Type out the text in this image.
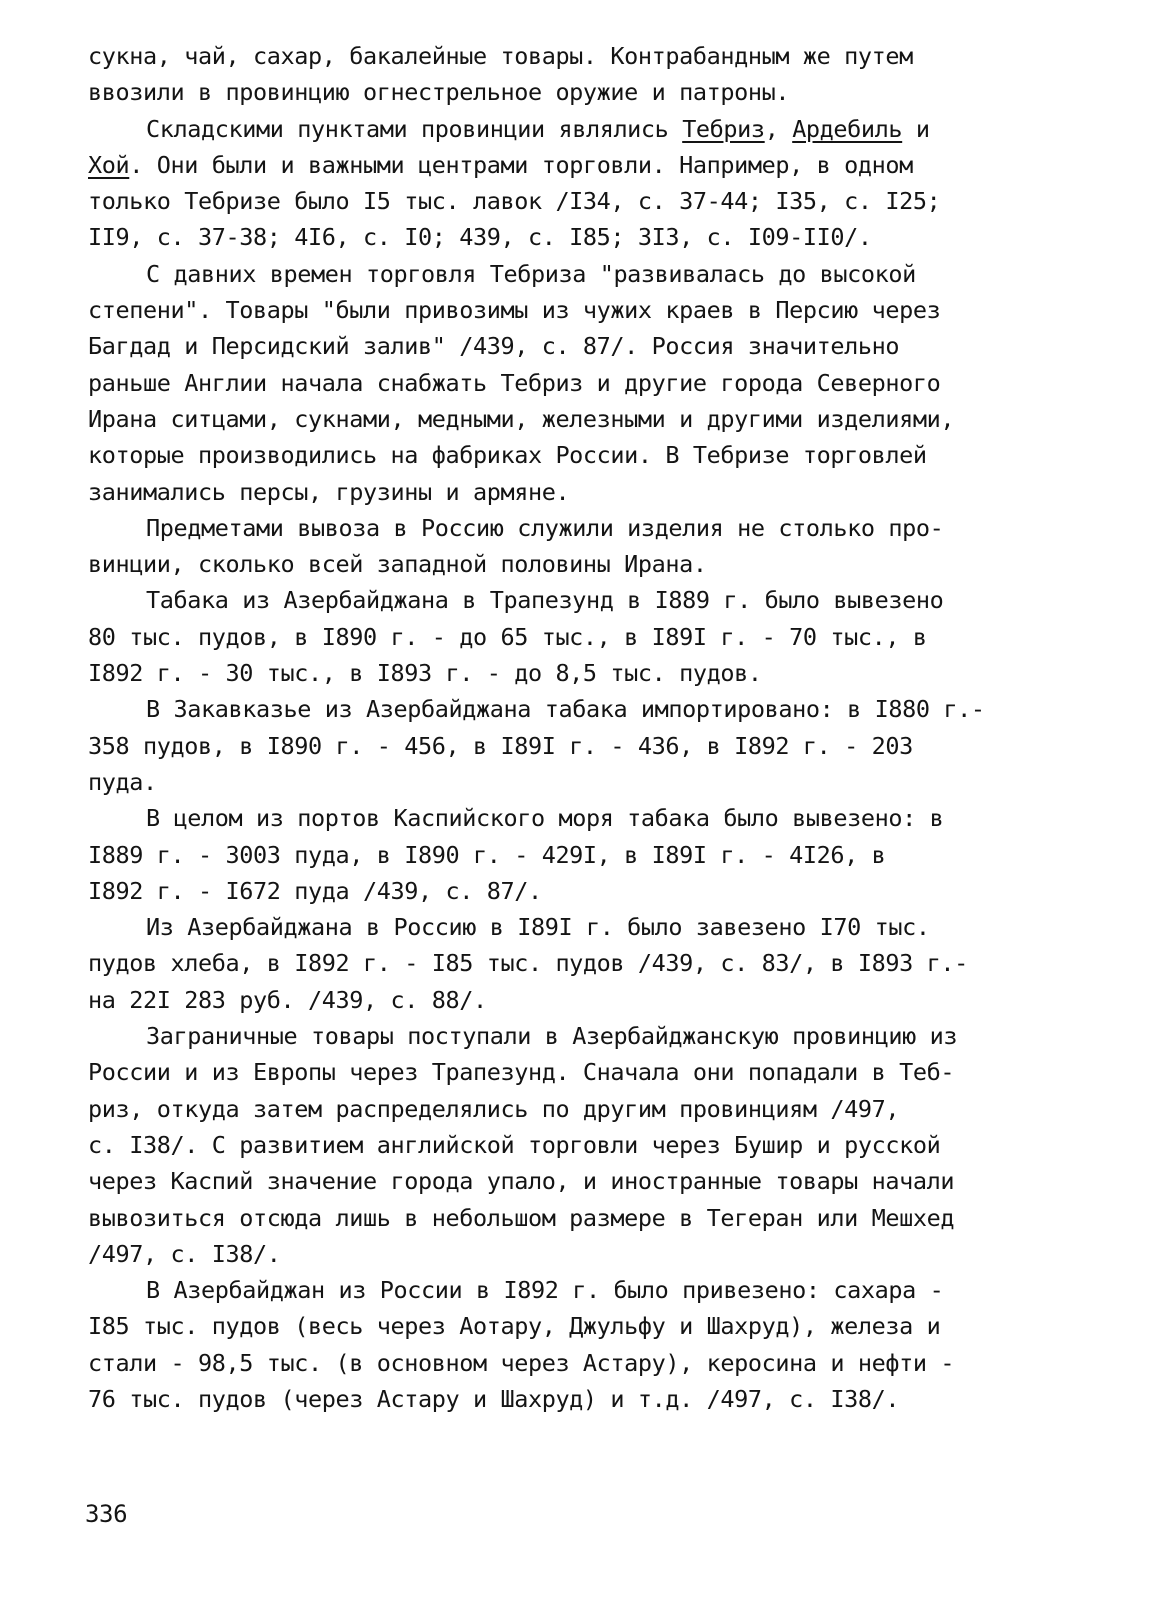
сукна, чай, сахар, бакалейные товары. Контрабандным же путем
ввозили в провинцию огнестрельное оружие и патроны.
Складскими пунктами провинции являлись Тебриз, Ардебиль и
Хой. Они были и важными центрами торговли. Например, в одном
только Тебризе было I5 тыс. лавок /I34, с. 37-44; I35, с. I25;
II9, с. 37-38; 4I6, с. I0; 439, с. I85; 3I3, с. I09-II0/.
С давних времен торговля Тебриза "развивалась до высокой
степени". Товары "были привозимы из чужих краев в Персию через
Багдад и Персидский залив" /439, с. 87/. Россия значительно
раньше Англии начала снабжать Тебриз и другие города Северного
Ирана ситцами, сукнами, медными, железными и другими изделиями,
которые производились на фабриках России. В Тебризе торговлей
занимались персы, грузины и армяне.
Предметами вывоза в Россию служили изделия не столько про-
винции, сколько всей западной половины Ирана.
Табака из Азербайджана в Трапезунд в I889 г. было вывезено
80 тыс. пудов, в I890 г. - до 65 тыс., в I89I г. - 70 тыс., в
I892 г. - 30 тыс., в I893 г. - до 8,5 тыс. пудов.
В Закавказье из Азербайджана табака импортировано: в I880 г.-
358 пудов, в I890 г. - 456, в I89I г. - 436, в I892 г. - 203
пуда.
В целом из портов Каспийского моря табака было вывезено: в
I889 г. - 3003 пуда, в I890 г. - 429I, в I89I г. - 4I26, в
I892 г. - I672 пуда /439, с. 87/.
Из Азербайджана в Россию в I89I г. было завезено I70 тыс.
пудов хлеба, в I892 г. - I85 тыс. пудов /439, с. 83/, в I893 г.-
на 22I 283 руб. /439, с. 88/.
Заграничные товары поступали в Азербайджанскую провинцию из
России и из Европы через Трапезунд. Сначала они попадали в Теб-
риз, откуда затем распределялись по другим провинциям /497,
с. I38/. С развитием английской торговли через Бушир и русской
через Каспий значение города упало, и иностранные товары начали
вывозиться отсюда лишь в небольшом размере в Тегеран или Мешхед
/497, с. I38/.
В Азербайджан из России в I892 г. было привезено: сахара -
I85 тыс. пудов (весь через Аотару, Джульфу и Шахруд), железа и
стали - 98,5 тыс. (в основном через Астару), керосина и нефти -
76 тыс. пудов (через Астару и Шахруд) и т.д. /497, с. I38/.
336
